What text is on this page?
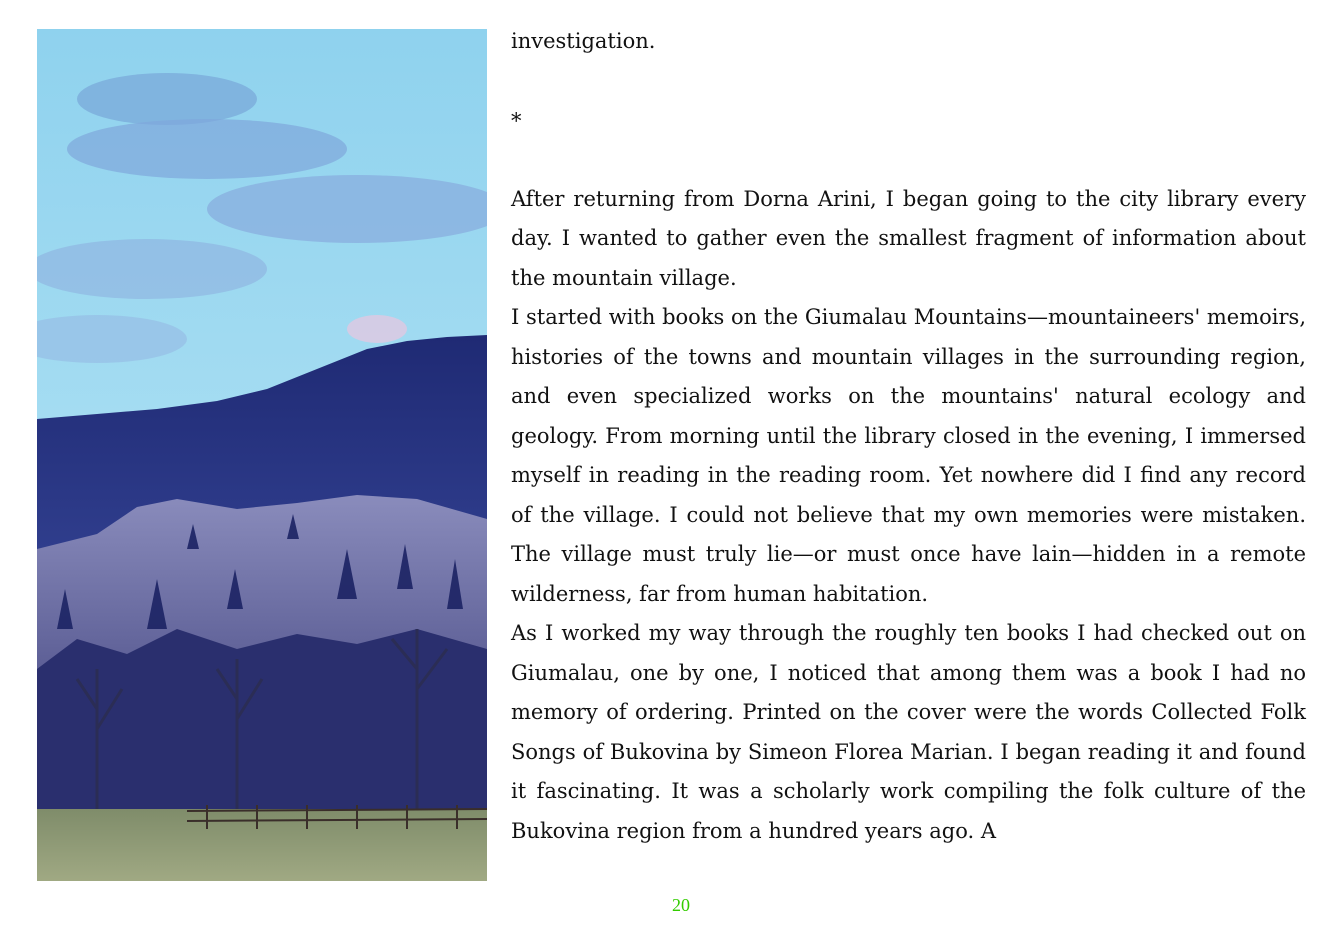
investigation.

*

After returning from Dorna Arini, I began going to the city library every day. I wanted to gather even the smallest fragment of information about the mountain village.

I started with books on the Giumalau Mountains—mountaineers' memoirs, histories of the towns and mountain villages in the surrounding region, and even specialized works on the mountains' natural ecology and geology. From morning until the library closed in the evening, I immersed myself in reading in the reading room. Yet nowhere did I find any record of the village. I could not believe that my own memories were mistaken. The village must truly lie—or must once have lain—hidden in a remote wilderness, far from human habitation.

As I worked my way through the roughly ten books I had checked out on Giumalau, one by one, I noticed that among them was a book I had no memory of ordering. Printed on the cover were the words Collected Folk Songs of Bukovina by Simeon Florea Marian. I began reading it and found it fascinating. It was a scholarly work compiling the folk culture of the Bukovina region from a hundred years ago. A

20
